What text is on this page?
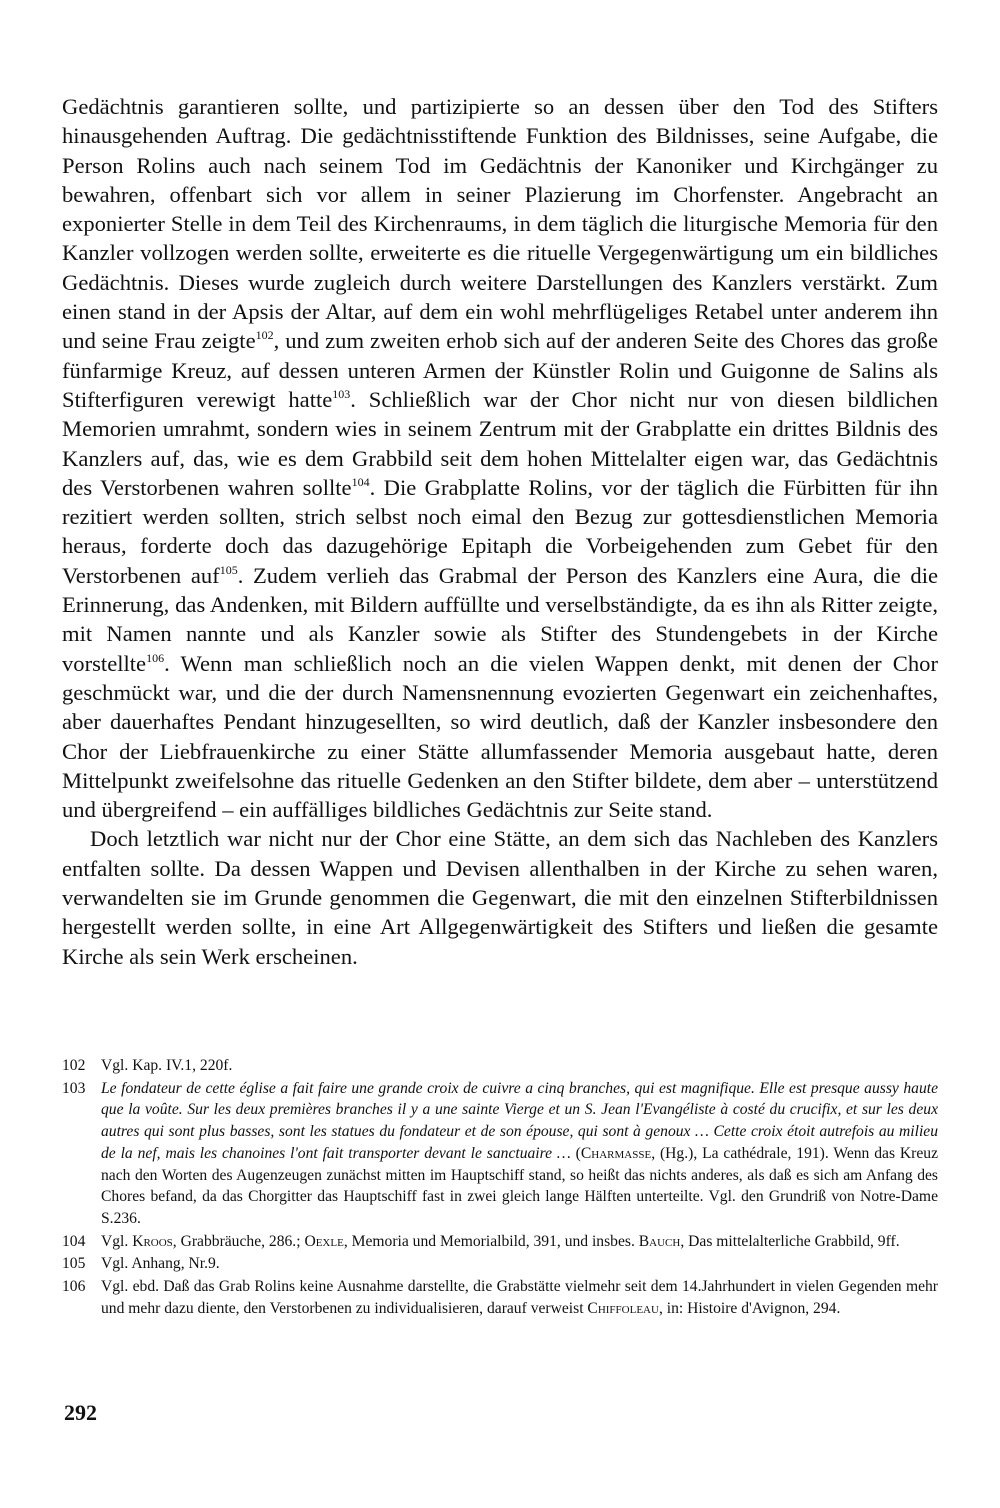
Gedächtnis garantieren sollte, und partizipierte so an dessen über den Tod des Stifters hinausgehenden Auftrag. Die gedächtnisstiftende Funktion des Bildnisses, seine Aufgabe, die Person Rolins auch nach seinem Tod im Gedächtnis der Kanoniker und Kirchgänger zu bewahren, offenbart sich vor allem in seiner Plazierung im Chorfenster. Angebracht an exponierter Stelle in dem Teil des Kirchenraums, in dem täglich die liturgische Memoria für den Kanzler vollzogen werden sollte, erweiterte es die rituelle Vergegenwärtigung um ein bildliches Gedächtnis. Dieses wurde zugleich durch weitere Darstellungen des Kanzlers verstärkt. Zum einen stand in der Apsis der Altar, auf dem ein wohl mehrflügeliges Retabel unter anderem ihn und seine Frau zeigte$^{102}$, und zum zweiten erhob sich auf der anderen Seite des Chores das große fünfarmige Kreuz, auf dessen unteren Armen der Künstler Rolin und Guigonne de Salins als Stifterfiguren verewigt hatte$^{103}$. Schließlich war der Chor nicht nur von diesen bildlichen Memorien umrahmt, sondern wies in seinem Zentrum mit der Grabplatte ein drittes Bildnis des Kanzlers auf, das, wie es dem Grabbild seit dem hohen Mittelalter eigen war, das Gedächtnis des Verstorbenen wahren sollte$^{104}$. Die Grabplatte Rolins, vor der täglich die Fürbitten für ihn rezitiert werden sollten, strich selbst noch eimal den Bezug zur gottesdienstlichen Memoria heraus, forderte doch das dazugehörige Epitaph die Vorbeigehenden zum Gebet für den Verstorbenen auf$^{105}$. Zudem verlieh das Grabmal der Person des Kanzlers eine Aura, die die Erinnerung, das Andenken, mit Bildern auffüllte und verselbständigte, da es ihn als Ritter zeigte, mit Namen nannte und als Kanzler sowie als Stifter des Stundengebets in der Kirche vorstellte$^{106}$. Wenn man schließlich noch an die vielen Wappen denkt, mit denen der Chor geschmückt war, und die der durch Namensnennung evozierten Gegenwart ein zeichenhaftes, aber dauerhaftes Pendant hinzugesellten, so wird deutlich, daß der Kanzler insbesondere den Chor der Liebfrauenkirche zu einer Stätte allumfassender Memoria ausgebaut hatte, deren Mittelpunkt zweifelsohne das rituelle Gedenken an den Stifter bildete, dem aber – unterstützend und übergreifend – ein auffälliges bildliches Gedächtnis zur Seite stand.

Doch letztlich war nicht nur der Chor eine Stätte, an dem sich das Nachleben des Kanzlers entfalten sollte. Da dessen Wappen und Devisen allenthalben in der Kirche zu sehen waren, verwandelten sie im Grunde genommen die Gegenwart, die mit den einzelnen Stifterbildnissen hergestellt werden sollte, in eine Art Allgegenwärtigkeit des Stifters und ließen die gesamte Kirche als sein Werk erscheinen.

102	Vgl. Kap. IV.1, 220f.
103	Le fondateur de cette église a fait faire une grande croix de cuivre a cinq branches, qui est magnifique. Elle est presque aussy haute que la voûte. Sur les deux premières branches il y a une sainte Vierge et un S. Jean l'Evangéliste à costé du crucifix, et sur les deux autres qui sont plus basses, sont les statues du fondateur et de son épouse, qui sont à genoux … Cette croix étoit autrefois au milieu de la nef, mais les chanoines l'ont fait transporter devant le sanctuaire … (Charmasse, (Hg.), La cathédrale, 191). Wenn das Kreuz nach den Worten des Augenzeugen zunächst mitten im Hauptschiff stand, so heißt das nichts anderes, als daß es sich am Anfang des Chores befand, da das Chorgitter das Hauptschiff fast in zwei gleich lange Hälften unterteilte. Vgl. den Grundriß von Notre-Dame S.236.
104	Vgl. Kroos, Grabbräuche, 286.; Oexle, Memoria und Memorialbild, 391, und insbes. Bauch, Das mittelalterliche Grabbild, 9ff.
105	Vgl. Anhang, Nr.9.
106	Vgl. ebd. Daß das Grab Rolins keine Ausnahme darstellte, die Grabstätte vielmehr seit dem 14.Jahrhundert in vielen Gegenden mehr und mehr dazu diente, den Verstorbenen zu individualisieren, darauf verweist Chiffoleau, in: Histoire d'Avignon, 294.
292
